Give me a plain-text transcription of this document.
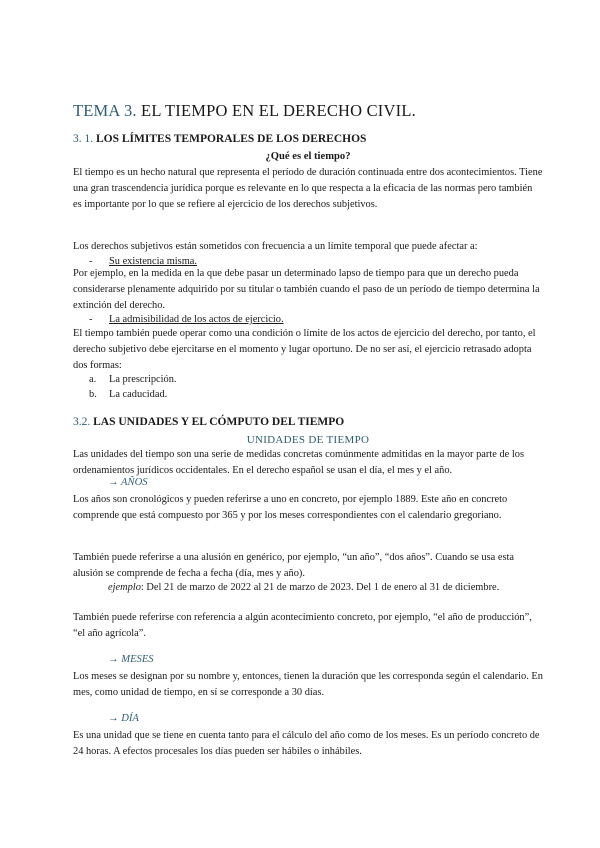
TEMA 3. EL TIEMPO EN EL DERECHO CIVIL.
3. 1. LOS LÍMITES TEMPORALES DE LOS DERECHOS
¿Qué es el tiempo?
El tiempo es un hecho natural que representa el período de duración continuada entre dos acontecimientos. Tiene una gran trascendencia jurídica porque es relevante en lo que respecta a la eficacia de las normas pero también es importante por lo que se refiere al ejercicio de los derechos subjetivos.
Los derechos subjetivos están sometidos con frecuencia a un límite temporal que puede afectar a:
- Su existencia misma.
Por ejemplo, en la medida en la que debe pasar un determinado lapso de tiempo para que un derecho pueda considerarse plenamente adquirido por su titular o también cuando el paso de un período de tiempo determina la extinción del derecho.
- La admisibilidad de los actos de ejercicio.
El tiempo también puede operar como una condición o límite de los actos de ejercicio del derecho, por tanto, el derecho subjetivo debe ejercitarse en el momento y lugar oportuno. De no ser así, el ejercicio retrasado adopta dos formas:
a. La prescripción.
b. La caducidad.
3.2. LAS UNIDADES Y EL CÓMPUTO DEL TIEMPO
UNIDADES DE TIEMPO
Las unidades del tiempo son una serie de medidas concretas comúnmente admitidas en la mayor parte de los ordenamientos jurídicos occidentales. En el derecho español se usan el día, el mes y el año.
→ AÑOS
Los años son cronológicos y pueden referirse a uno en concreto, por ejemplo 1889. Este año en concreto comprende que está compuesto por 365 y por los meses correspondientes con el calendario gregoriano.
También puede referirse a una alusión en genérico, por ejemplo, “un año”, “dos años”. Cuando se usa esta alusión se comprende de fecha a fecha (día, mes y año).
ejemplo: Del 21 de marzo de 2022 al 21 de marzo de 2023. Del 1 de enero al 31 de diciembre.
También puede referirse con referencia a algún acontecimiento concreto, por ejemplo, “el año de producción”, “el año agrícola”.
→ MESES
Los meses se designan por su nombre y, entonces, tienen la duración que les corresponda según el calendario. En mes, como unidad de tiempo, en sí se corresponde a 30 días.
→ DÍA
Es una unidad que se tiene en cuenta tanto para el cálculo del año como de los meses. Es un período concreto de 24 horas. A efectos procesales los días pueden ser hábiles o inhábiles.
